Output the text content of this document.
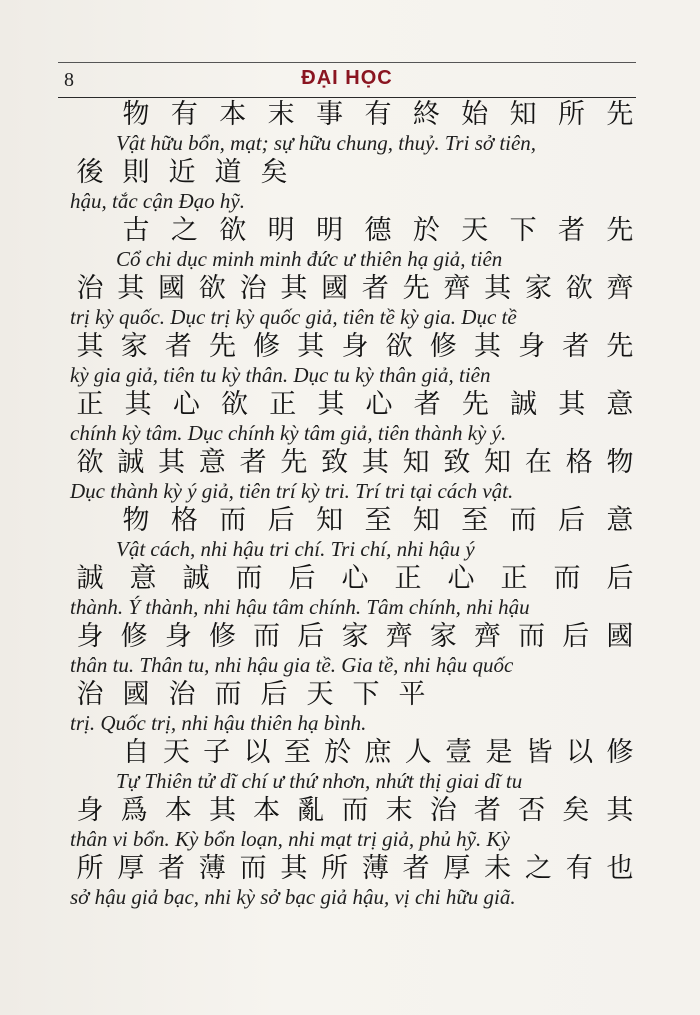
8	ĐẠI HỌC
物 有 本 末 事 有 終 始 知 所 先
Vật hữu bổn, mạt; sự hữu chung, thuỷ. Tri sở tiên,
後 則 近 道 矣
hậu, tắc cận Đạo hỹ.
古 之 欲 明 明 德 於 天 下 者 先
Cổ chi dục minh minh đức ư thiên hạ giả, tiên
治 其 國 欲 治 其 國 者 先 齊 其 家 欲 齊
trị kỳ quốc. Dục trị kỳ quốc giả, tiên tề kỳ gia. Dục tề
其 家 者 先 修 其 身 欲 修 其 身 者 先
kỳ gia giả, tiên tu kỳ thân. Dục tu kỳ thân giả, tiên
正 其 心 欲 正 其 心 者 先 誠 其 意
chính kỳ tâm. Dục chính kỳ tâm giả, tiên thành kỳ ý.
欲 誠 其 意 者 先 致 其 知 致 知 在 格 物
Dục thành kỳ ý giả, tiên trí kỳ tri. Trí tri tại cách vật.
物 格 而 后 知 至 知 至 而 后 意
Vật cách, nhi hậu tri chí. Tri chí, nhi hậu ý
誠 意 誠 而 后 心 正 心 正 而 后
thành. Ý thành, nhi hậu tâm chính. Tâm chính, nhi hậu
身 修 身 修 而 后 家 齊 家 齊 而 后 國
thân tu. Thân tu, nhi hậu gia tề. Gia tề, nhi hậu quốc
治 國 治 而 后 天 下 平
trị. Quốc trị, nhi hậu thiên hạ bình.
自 天 子 以 至 於 庶 人 壹 是 皆 以 修
Tự Thiên tử dĩ chí ư thứ nhơn, nhứt thị giai dĩ tu
身 爲 本 其 本 亂 而 末 治 者 否 矣 其
thân vi bổn. Kỳ bổn loạn, nhi mạt trị giả, phủ hỹ. Kỳ
所 厚 者 薄 而 其 所 薄 者 厚 未 之 有 也
sở hậu giả bạc, nhi kỳ sở bạc giả hậu, vị chi hữu giã.
